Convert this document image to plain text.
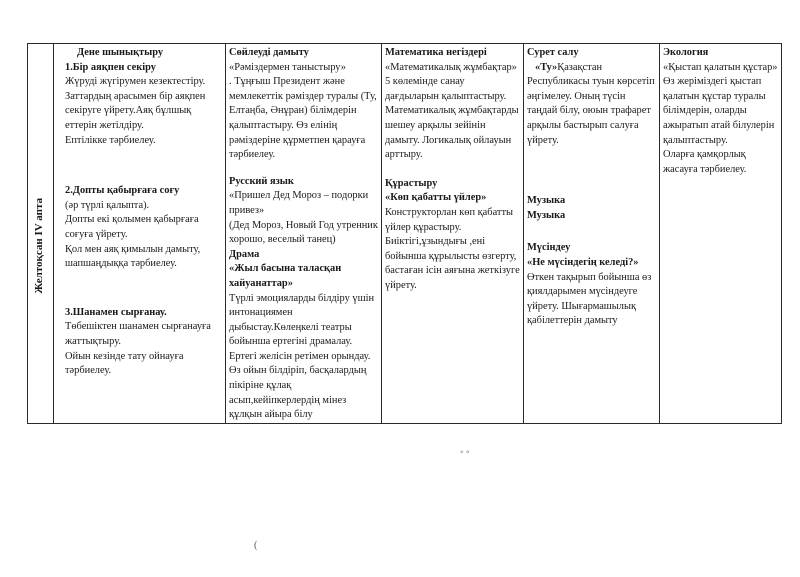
Желтоқсан IV апта

Дене шынықтыру
1.Бір аяқпен секіру
Жүруді жүгірумен кезектестіру.
Заттардың арасымен бір аяқпен секіруге үйрету.Аяқ бұлшық еттерін жетілдіру.
Ептілікке тәрбиелеу.
2.Допты қабырғаға соғу
(әр түрлі қалыпта).
Допты екі қолымен қабырғаға соғуға үйрету.
Қол мен аяқ қимылын дамыту, шапшаңдыққа тәрбиелеу.
3.Шанамен сырғанау.
Төбешіктен шанамен сырғанауға жаттықтыру.
Ойын кезінде тату ойнауға тәрбиелеу.

Сөйлеудi дамыту
«Рәміздермен таныстыру»
. Тұңғыш Президент және мемлекеттік рәміздер туралы (Ту, Елтаңба, Әнұран) білімдерін қалыптастыру. Өз елінің рәміздеріне құрметпен қарауға тәрбиелеу.
Русский язык
«Пришел Дед Мороз – подорки привез»
(Дед Мороз, Новый Год утренник хорошо, веселый танец)
Драма
«Жыл басына таласқан хайуанаттар»
Түрлі эмоцияларды білдіру үшін интонациямен дыбыстау.Көлеңкелі театры бойынша ертегіні драмалау. Ертегі желісін ретімен орындау. Өз ойын білдіріп, басқалардың пікіріне құлақ асып,кейіпкерлердің мінез құлқын айыра білу

Математика негіздері
«Математикалық жұмбақтар»
5 көлемінде санау дағдыларын қалыптастыру. Математикалық жұмбақтарды шешеу арқылы зейінін дамыту. Логикалық ойлауын арттыру.
Құрастыру
«Көп қабатты үйлер»
Конструкторлан көп қабатты үйлер құрастыру. Биіктігі,ұзындығы ,ені бойынша құрылысты өзгерту, бастаған ісін аяғына жеткізуге үйрету.

Сурет салу
«Ту»Қазақстан Республикасы туын көрсетіп әңгімелеу. Оның түсін таңдай білу, оюын трафарет арқылы бастырып салуға үйрету.
Музыка
Музыка
Мүсіндеу
«Не мүсіндегің келеді?»
Өткен тақырып бойынша өз қиялдарымен мүсіндеуге үйрету. Шығармашылық қабілеттерін дамыту

Экология
«Қыстап қалатын құстар»
Өз жеріміздегі қыстап қалатын құстар туралы білімдерін, оларды ажыратып атай білулерін қалыптастыру.
Оларға қамқорлық жасауға тәрбиелеу.
◦ ◦
(
